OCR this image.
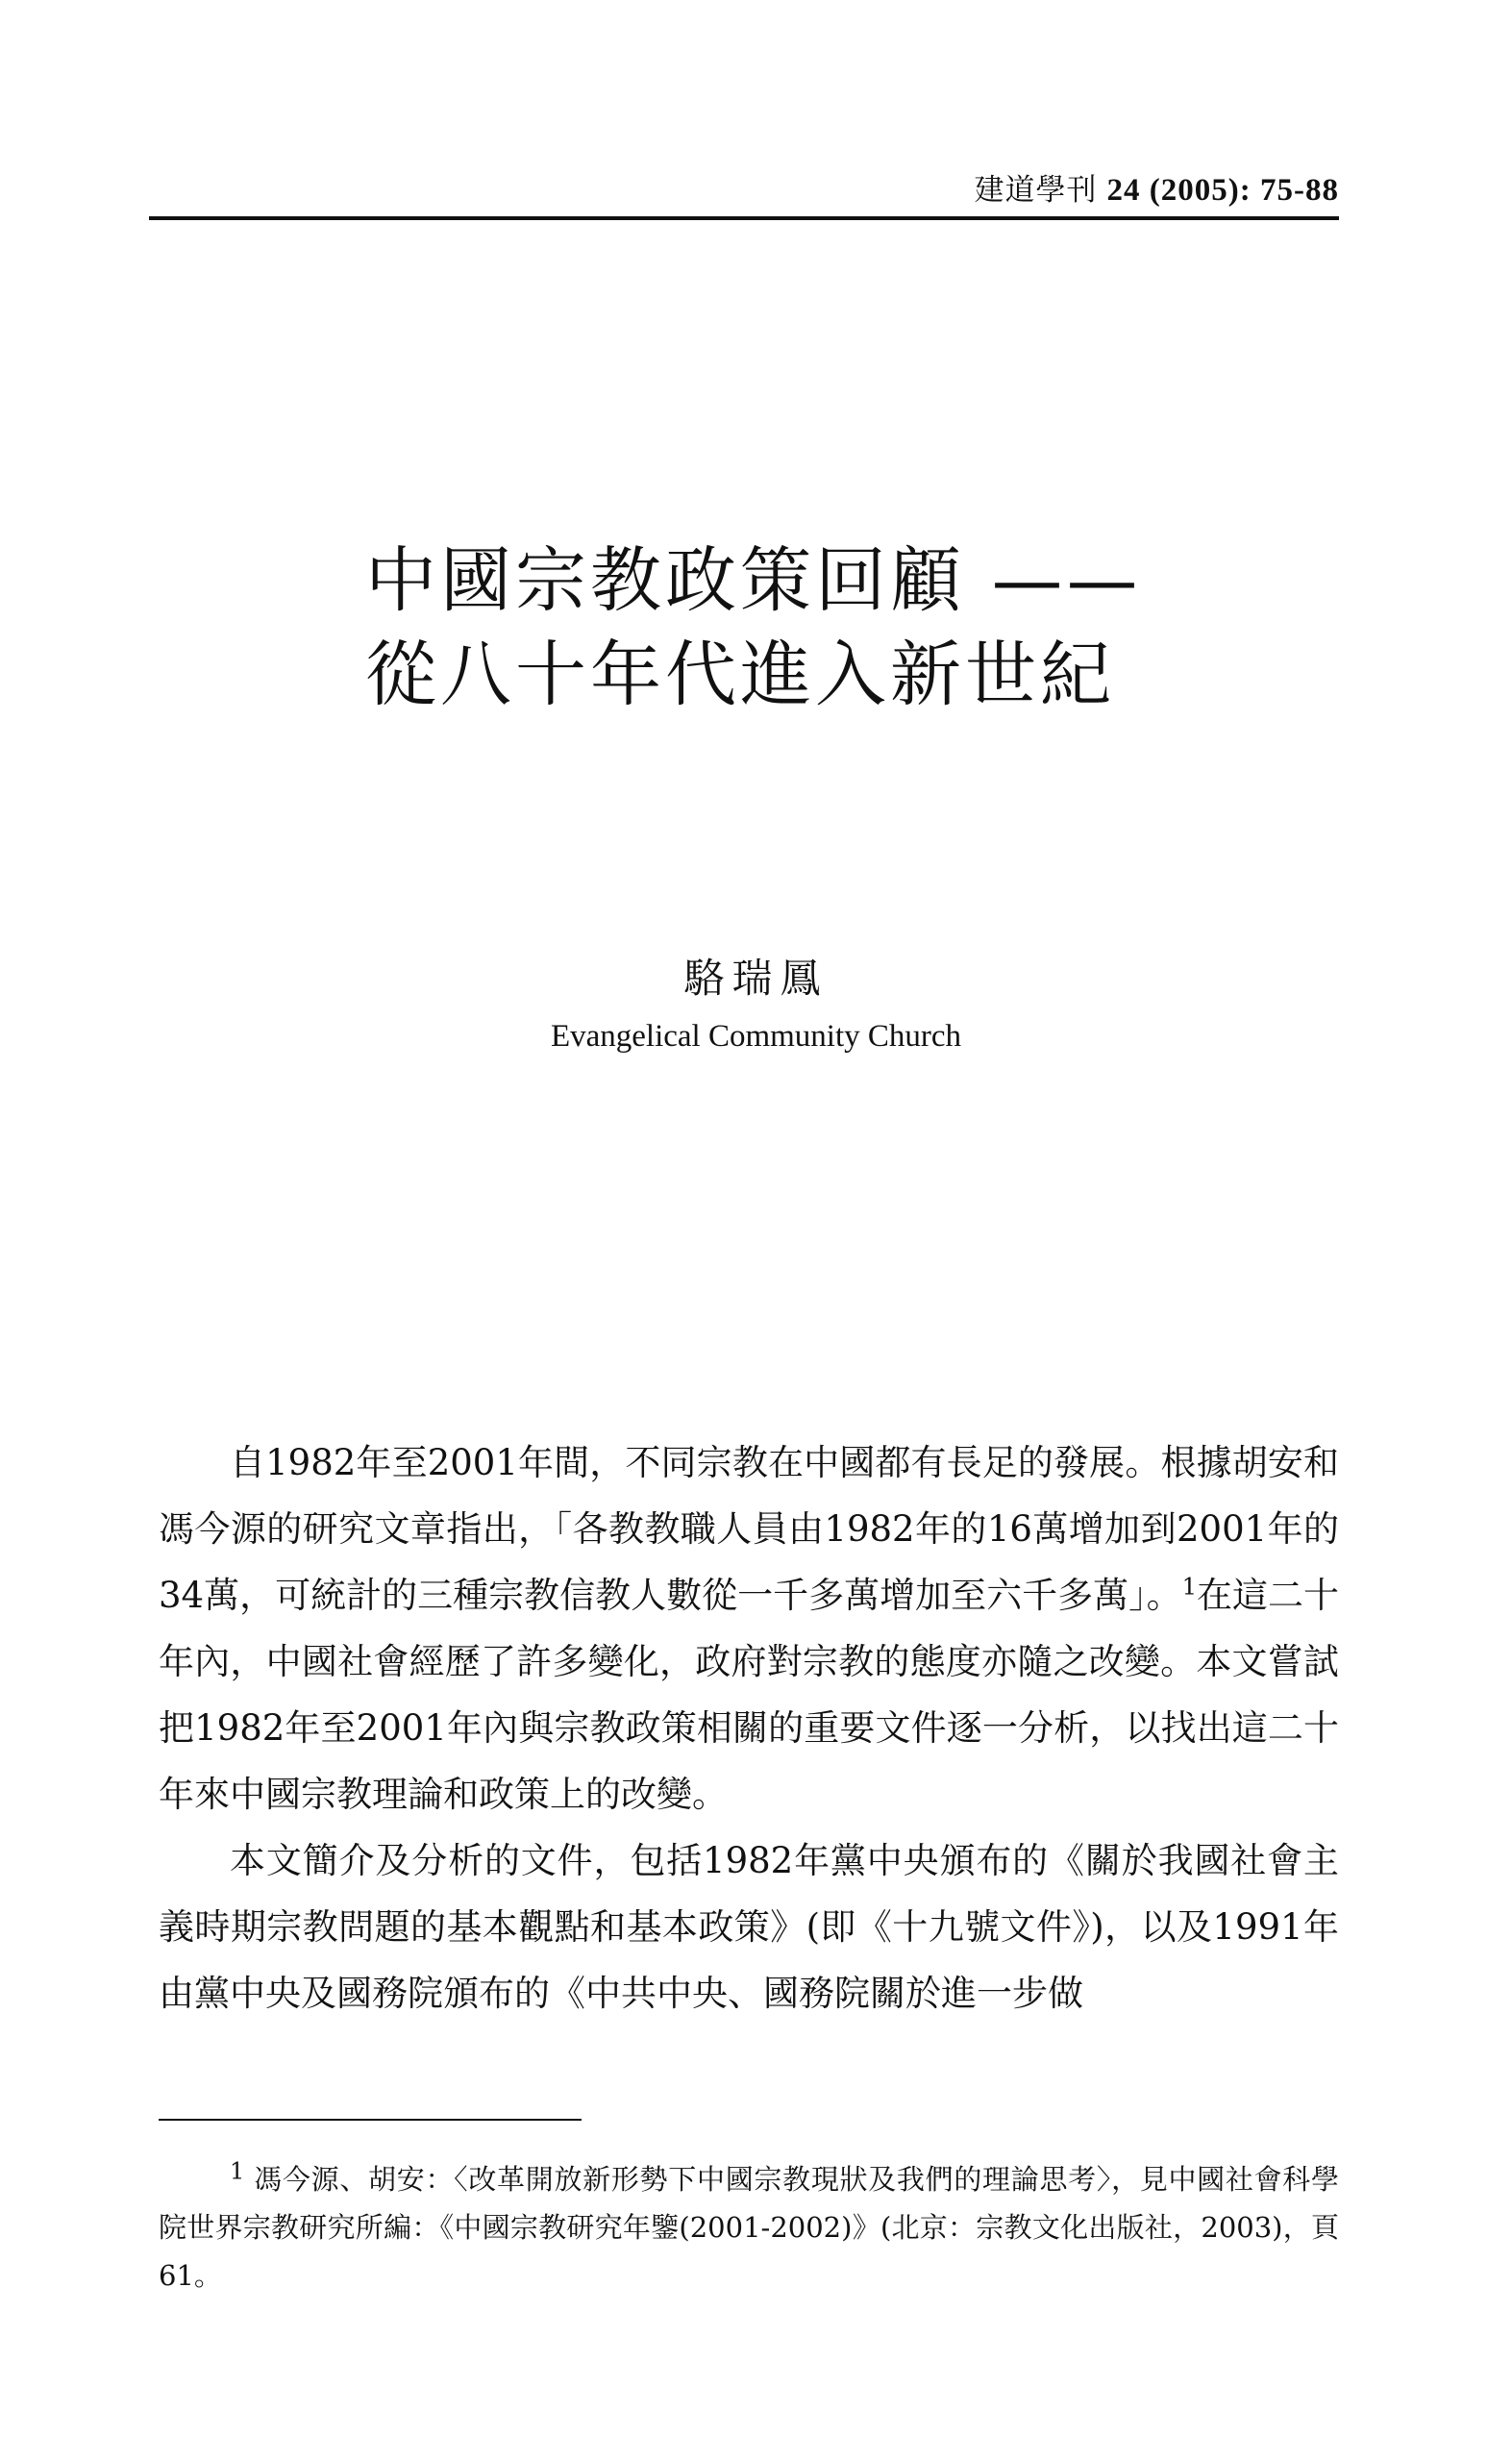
建道學刊 24 (2005): 75-88
中國宗教政策回顧 ——
從八十年代進入新世紀
駱瑞鳳
Evangelical Community Church

自1982年至2001年間，不同宗教在中國都有長足的發展。根據胡安和馮今源的研究文章指出，「各教教職人員由1982年的16萬增加到2001年的34萬，可統計的三種宗教信教人數從一千多萬增加至六千多萬」。$^1$在這二十年內，中國社會經歷了許多變化，政府對宗教的態度亦隨之改變。本文嘗試把1982年至2001年內與宗教政策相關的重要文件逐一分析，以找出這二十年來中國宗教理論和政策上的改變。

本文簡介及分析的文件，包括1982年黨中央頒布的《關於我國社會主義時期宗教問題的基本觀點和基本政策》(即《十九號文件》)，以及1991年由黨中央及國務院頒布的《中共中央、國務院關於進一步做

$^1$ 馮今源、胡安：〈改革開放新形勢下中國宗教現狀及我們的理論思考〉，見中國社會科學院世界宗教研究所編：《中國宗教研究年鑒(2001-2002)》(北京：宗教文化出版社，2003)，頁61。
